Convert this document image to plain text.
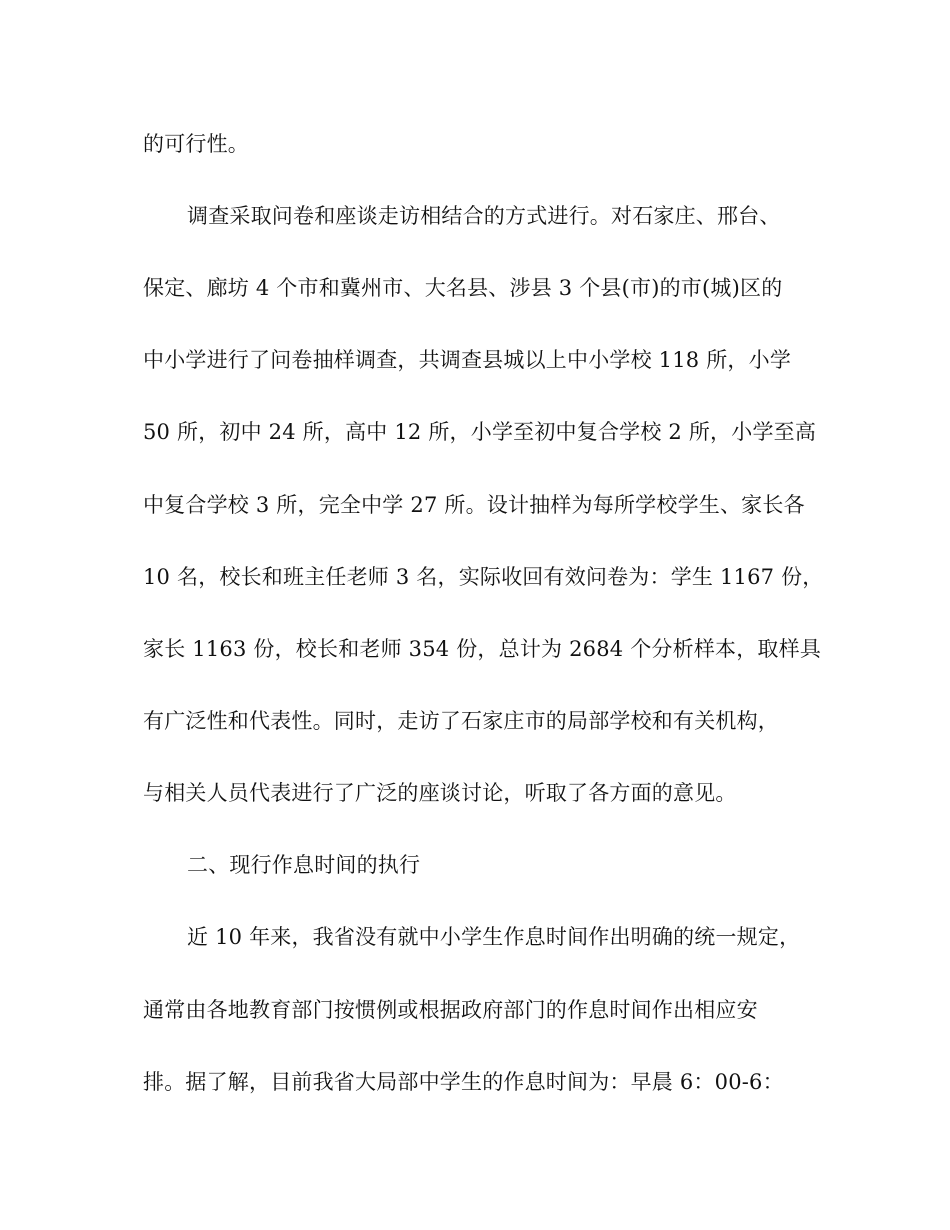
的可行性。
调查采取问卷和座谈走访相结合的方式进行。对石家庄、邢台、
保定、廊坊 4 个市和冀州市、大名县、涉县 3 个县(市)的市(城)区的
中小学进行了问卷抽样调查，共调查县城以上中小学校 118 所，小学
50 所，初中 24 所，高中 12 所，小学至初中复合学校 2 所，小学至高
中复合学校 3 所，完全中学 27 所。设计抽样为每所学校学生、家长各
10 名，校长和班主任老师 3 名，实际收回有效问卷为：学生 1167 份，
家长 1163 份，校长和老师 354 份，总计为 2684 个分析样本，取样具
有广泛性和代表性。同时，走访了石家庄市的局部学校和有关机构，
与相关人员代表进行了广泛的座谈讨论，听取了各方面的意见。
二、现行作息时间的执行
近 10 年来，我省没有就中小学生作息时间作出明确的统一规定，
通常由各地教育部门按惯例或根据政府部门的作息时间作出相应安
排。据了解，目前我省大局部中学生的作息时间为：早晨 6：00-6：
